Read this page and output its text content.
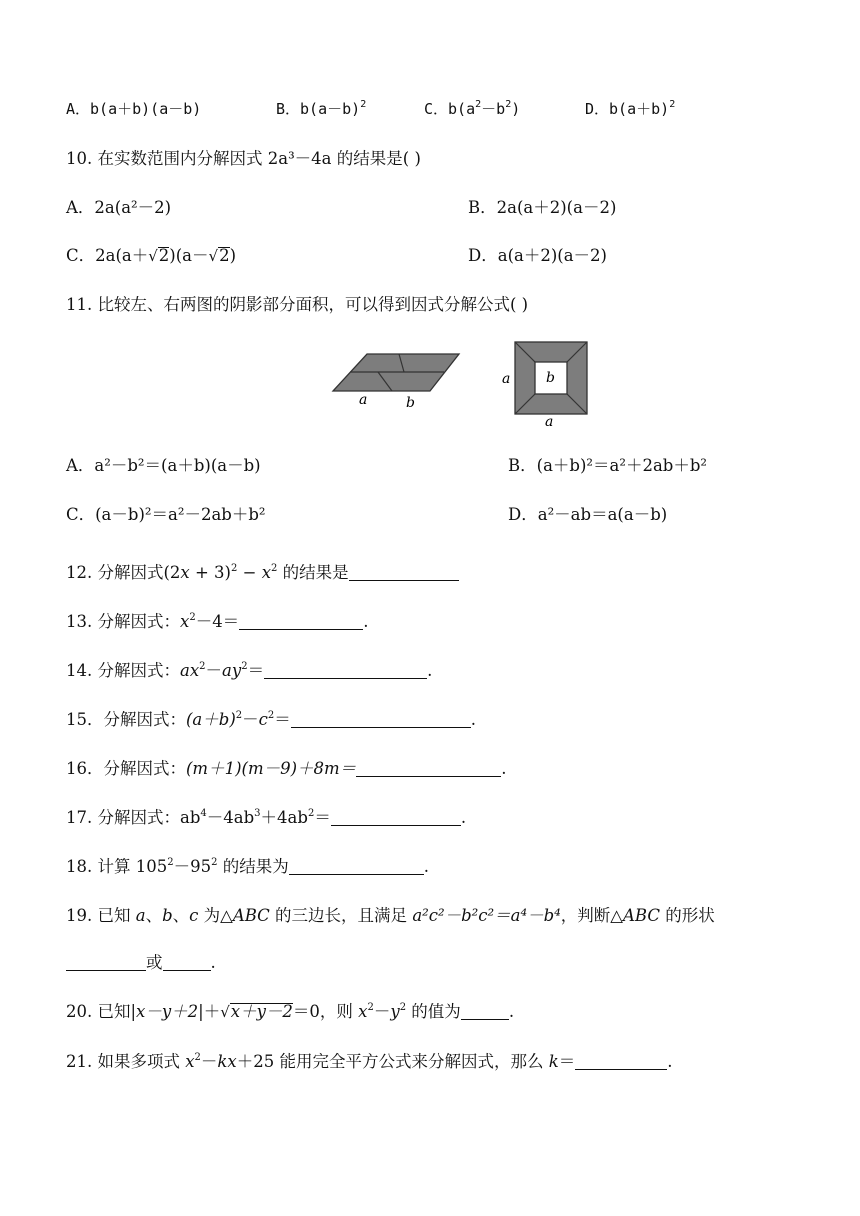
A．b(a＋b)(a－b)	B．$b(a-b)^2$	C．$b(a^2-b^2)$	D．$b(a+b)^2$
10. 在实数范围内分解因式 2a³－4a 的结果是( )
A．2a(a²－2)	B．2a(a＋2)(a－2)
C．2a(a＋√2)(a－√2)	D．a(a＋2)(a－2)
11. 比较左、右两图的阴影部分面积，可以得到因式分解公式( )
a	b
a	b
a
A．a²－b²＝(a＋b)(a－b)	B．(a＋b)²＝a²＋2ab＋b²
C．(a－b)²＝a²－2ab＋b²	D．a²－ab＝a(a－b)
12. 分解因式$(2x + 3)^2 - x^2$ 的结果是
13. 分解因式：$x^2-4=$	.
14. 分解因式：$ax^2-ay^2=$	.
15．分解因式：$(a+b)^2-c^2=$	.
16．分解因式：(m＋1)(m－9)＋8m＝	.
17. 分解因式：$ab^4-4ab^3+4ab^2=$	.
18. 计算 $105^2-95^2$ 的结果为	.
19. 已知 a、b、c 为△ABC 的三边长，且满足 a²c²－b²c²＝a⁴－b⁴，判断△ABC 的形状
或	.
20. 已知|x－y＋2|＋√x＋y－2＝0，则 $x^2-y^2$ 的值为	.
21. 如果多项式 $x^2-kx+25$ 能用完全平方公式来分解因式，那么 k＝	.
